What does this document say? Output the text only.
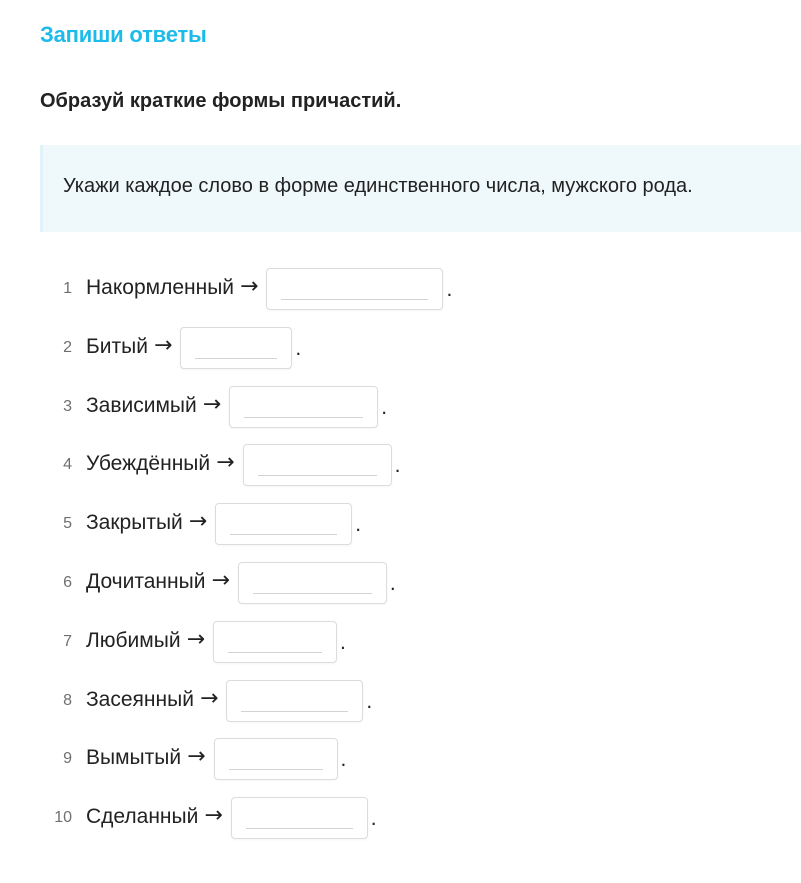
Запиши ответы
Образуй краткие формы причастий.
Укажи каждое слово в форме единственного числа, мужского рода.
1 Накормленный →	.
2 Битый →	.
3 Зависимый →	.
4 Убеждённый →	.
5 Закрытый →	.
6 Дочитанный →	.
7 Любимый →	.
8 Засеянный →	.
9 Вымытый →	.
10 Сделанный →	.
